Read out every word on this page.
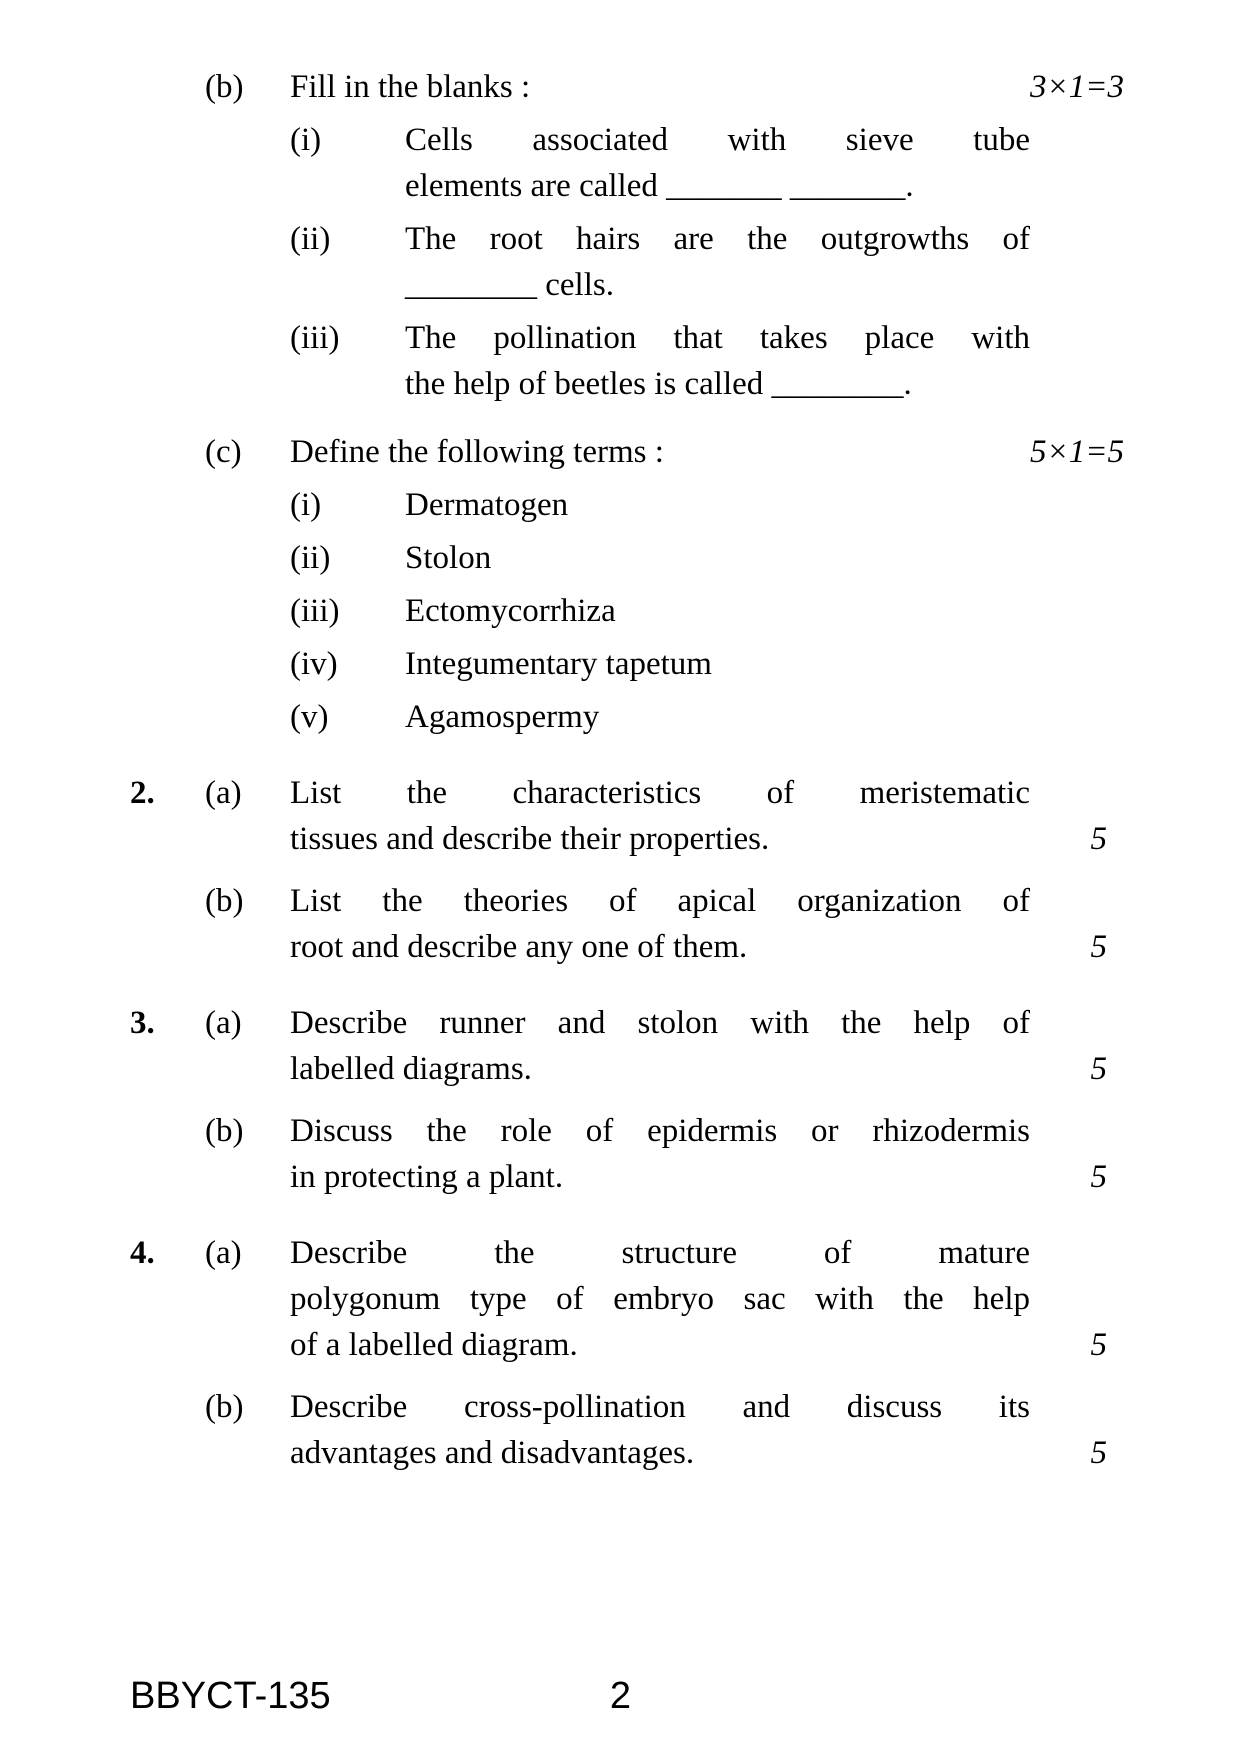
(b)	Fill in the blanks :	3×1=3
(i)	Cells associated with sieve tube
elements are called _______ _______.
(ii)	The root hairs are the outgrowths of
________ cells.
(iii)	The pollination that takes place with
the help of beetles is called ________.
(c)	Define the following terms :	5×1=5
(i)	Dermatogen
(ii)	Stolon
(iii)	Ectomycorrhiza
(iv)	Integumentary tapetum
(v)	Agamospermy
2.	(a)	List the characteristics of meristematic
tissues and describe their properties.	5
(b)	List the theories of apical organization of
root and describe any one of them.	5
3.	(a)	Describe runner and stolon with the help of
labelled diagrams.	5
(b)	Discuss the role of epidermis or rhizodermis
in protecting a plant.	5
4.	(a)	Describe the structure of mature
polygonum type of embryo sac with the help
of a labelled diagram.	5
(b)	Describe cross-pollination and discuss its
advantages and disadvantages.	5
BBYCT-135	2
